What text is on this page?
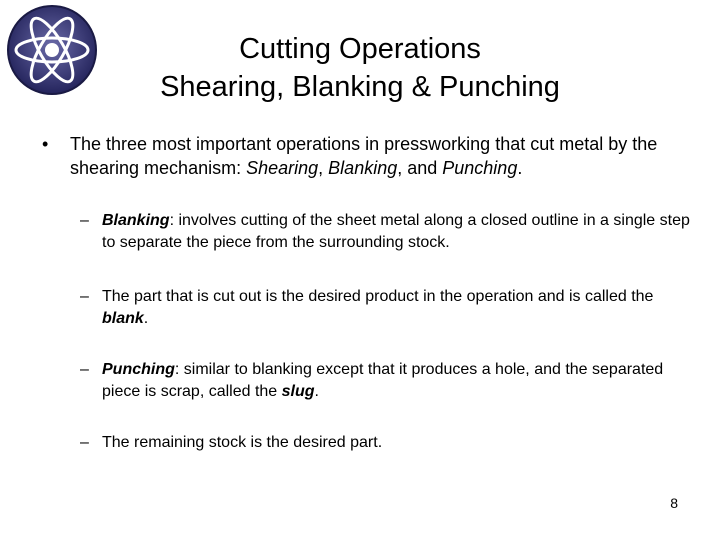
Cutting Operations
Shearing, Blanking & Punching
• The three most important operations in pressworking that cut metal by the shearing mechanism: Shearing, Blanking, and Punching.
– Blanking: involves cutting of the sheet metal along a closed outline in a single step to separate the piece from the surrounding stock.
– The part that is cut out is the desired product in the operation and is called the blank.
– Punching: similar to blanking except that it produces a hole, and the separated piece is scrap, called the slug.
– The remaining stock is the desired part.
8
